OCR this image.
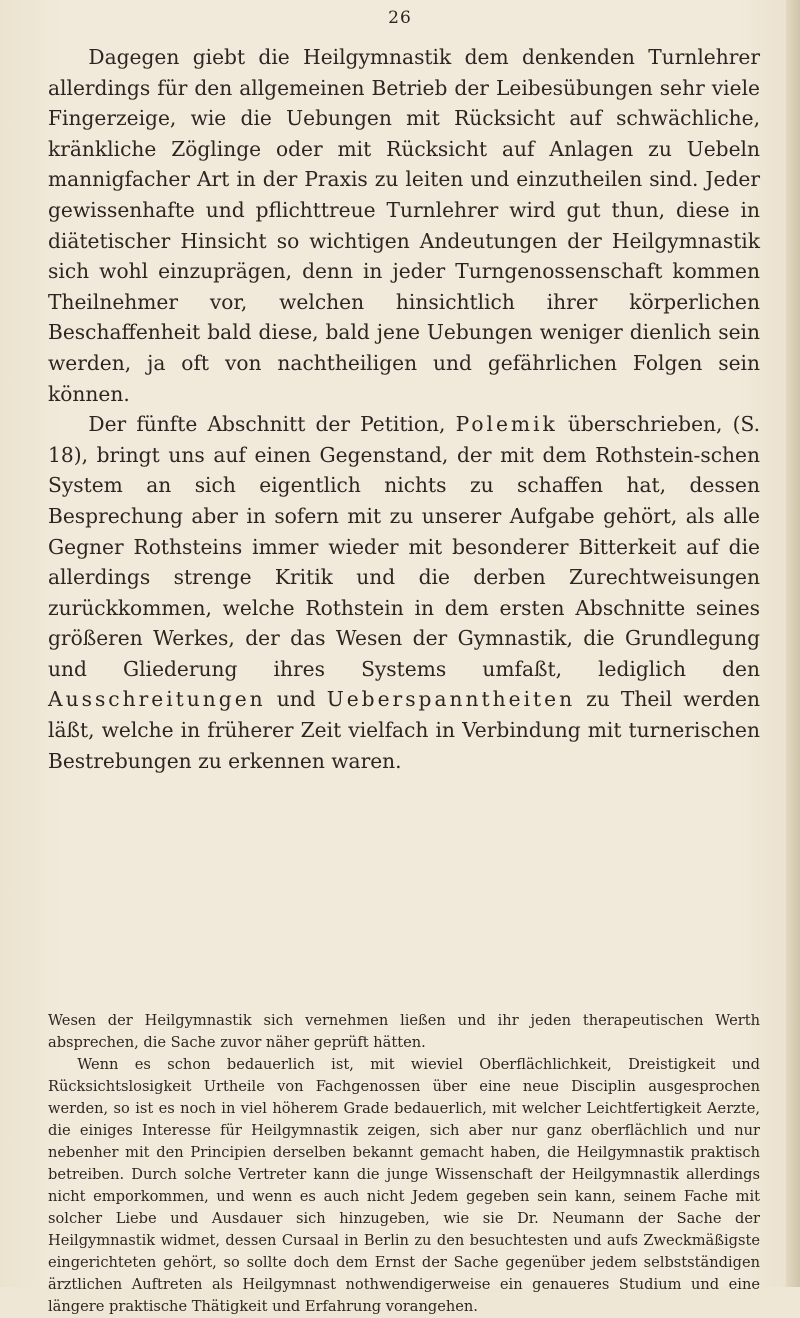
26

Dagegen giebt die Heilgymnastik dem denkenden Turnlehrer allerdings für den allgemeinen Betrieb der Leibesübungen sehr viele Fingerzeige, wie die Uebungen mit Rücksicht auf schwächliche, kränkliche Zöglinge oder mit Rücksicht auf Anlagen zu Uebeln mannigfacher Art in der Praxis zu leiten und einzutheilen sind. Jeder gewissenhafte und pflichttreue Turnlehrer wird gut thun, diese in diätetischer Hinsicht so wichtigen Andeutungen der Heilgymnastik sich wohl einzuprägen, denn in jeder Turngenossenschaft kommen Theilnehmer vor, welchen hinsichtlich ihrer körperlichen Beschaffenheit bald diese, bald jene Uebungen weniger dienlich sein werden, ja oft von nachtheiligen und gefährlichen Folgen sein können.

Der fünfte Abschnitt der Petition, Polemik überschrieben, (S. 18), bringt uns auf einen Gegenstand, der mit dem Rothstein-schen System an sich eigentlich nichts zu schaffen hat, dessen Besprechung aber in sofern mit zu unserer Aufgabe gehört, als alle Gegner Rothsteins immer wieder mit besonderer Bitterkeit auf die allerdings strenge Kritik und die derben Zurechtweisungen zurückkommen, welche Rothstein in dem ersten Abschnitte seines größeren Werkes, der das Wesen der Gymnastik, die Grundlegung und Gliederung ihres Systems umfaßt, lediglich den Ausschreitungen und Ueberspanntheiten zu Theil werden läßt, welche in früherer Zeit vielfach in Verbindung mit turnerischen Bestrebungen zu erkennen waren.

Wesen der Heilgymnastik sich vernehmen ließen und ihr jeden therapeutischen Werth absprechen, die Sache zuvor näher geprüft hätten.

Wenn es schon bedauerlich ist, mit wieviel Oberflächlichkeit, Dreistigkeit und Rücksichtslosigkeit Urtheile von Fachgenossen über eine neue Disciplin ausgesprochen werden, so ist es noch in viel höherem Grade bedauerlich, mit welcher Leichtfertigkeit Aerzte, die einiges Interesse für Heilgymnastik zeigen, sich aber nur ganz oberflächlich und nur nebenher mit den Principien derselben bekannt gemacht haben, die Heilgymnastik praktisch betreiben. Durch solche Vertreter kann die junge Wissenschaft der Heilgymnastik allerdings nicht emporkommen, und wenn es auch nicht Jedem gegeben sein kann, seinem Fache mit solcher Liebe und Ausdauer sich hinzugeben, wie sie Dr. Neumann der Sache der Heilgymnastik widmet, dessen Cursaal in Berlin zu den besuchtesten und aufs Zweckmäßigste eingerichteten gehört, so sollte doch dem Ernst der Sache gegenüber jedem selbstständigen ärztlichen Auftreten als Heilgymnast nothwendigerweise ein genaueres Studium und eine längere praktische Thätigkeit und Erfahrung vorangehen.
